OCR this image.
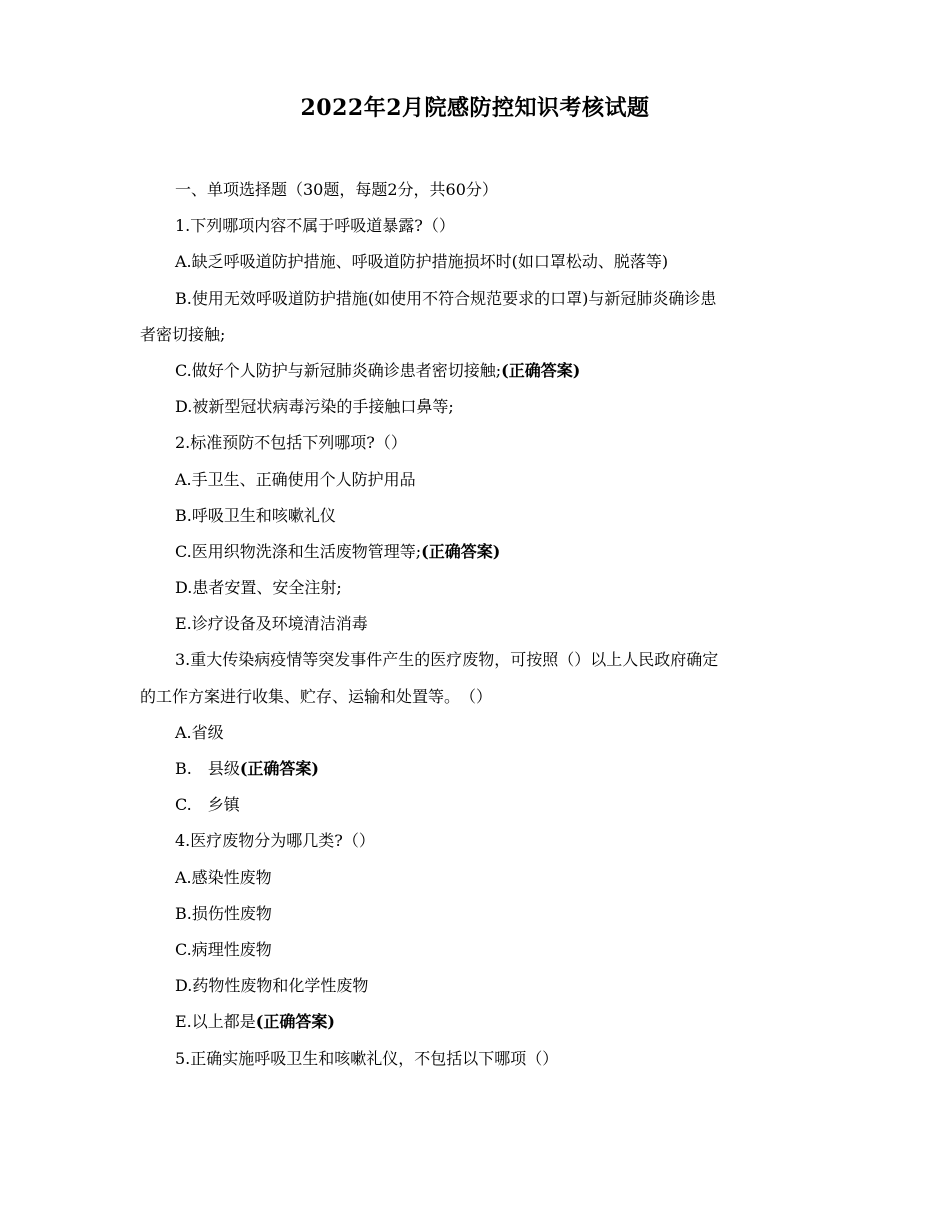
2022年2月院感防控知识考核试题
一、单项选择题（30题，每题2分，共60分）
1.下列哪项内容不属于呼吸道暴露?（）
A.缺乏呼吸道防护措施、呼吸道防护措施损坏时(如口罩松动、脱落等)
B.使用无效呼吸道防护措施(如使用不符合规范要求的口罩)与新冠肺炎确诊患
者密切接触;
C.做好个人防护与新冠肺炎确诊患者密切接触;(正确答案)
D.被新型冠状病毒污染的手接触口鼻等;
2.标准预防不包括下列哪项?（）
A.手卫生、正确使用个人防护用品
B.呼吸卫生和咳嗽礼仪
C.医用织物洗涤和生活废物管理等;(正确答案)
D.患者安置、安全注射;
E.诊疗设备及环境清洁消毒
3.重大传染病疫情等突发事件产生的医疗废物，可按照（）以上人民政府确定
的工作方案进行收集、贮存、运输和处置等。　（）
A.省级
B.　县级(正确答案)
C.　乡镇
4.医疗废物分为哪几类?（）
A.感染性废物
B.损伤性废物
C.病理性废物
D.药物性废物和化学性废物
E.以上都是(正确答案)
5.正确实施呼吸卫生和咳嗽礼仪，不包括以下哪项（）
